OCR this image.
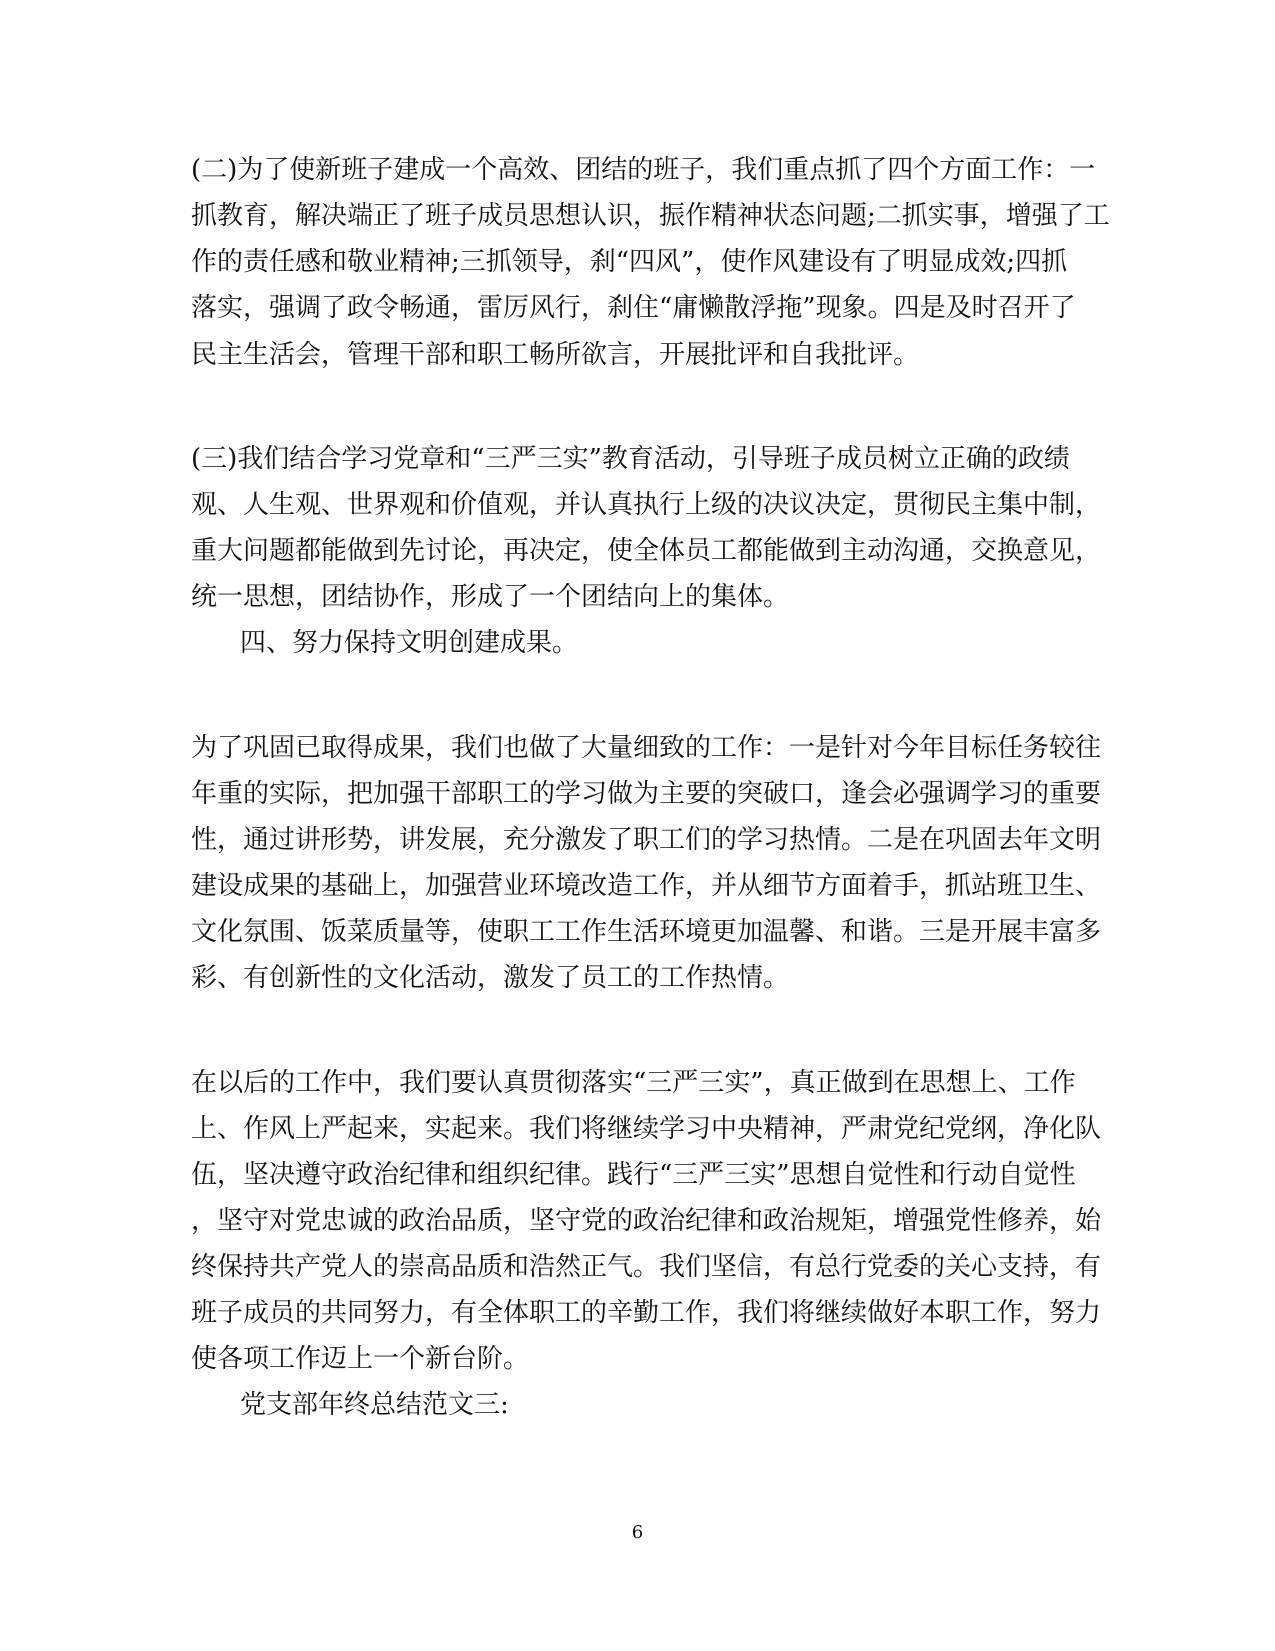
(二)为了使新班子建成一个高效、团结的班子，我们重点抓了四个方面工作：一
抓教育，解决端正了班子成员思想认识，振作精神状态问题;二抓实事，增强了工
作的责任感和敬业精神;三抓领导，刹“四风”，使作风建设有了明显成效;四抓
落实，强调了政令畅通，雷厉风行，刹住“庸懒散浮拖”现象。四是及时召开了
民主生活会，管理干部和职工畅所欲言，开展批评和自我批评。
(三)我们结合学习党章和“三严三实”教育活动，引导班子成员树立正确的政绩
观、人生观、世界观和价值观，并认真执行上级的决议决定，贯彻民主集中制，
重大问题都能做到先讨论，再决定，使全体员工都能做到主动沟通，交换意见，
统一思想，团结协作，形成了一个团结向上的集体。
四、努力保持文明创建成果。
为了巩固已取得成果，我们也做了大量细致的工作：一是针对今年目标任务较往
年重的实际，把加强干部职工的学习做为主要的突破口，逢会必强调学习的重要
性，通过讲形势，讲发展，充分激发了职工们的学习热情。二是在巩固去年文明
建设成果的基础上，加强营业环境改造工作，并从细节方面着手，抓站班卫生、
文化氛围、饭菜质量等，使职工工作生活环境更加温馨、和谐。三是开展丰富多
彩、有创新性的文化活动，激发了员工的工作热情。
在以后的工作中，我们要认真贯彻落实“三严三实”，真正做到在思想上、工作
上、作风上严起来，实起来。我们将继续学习中央精神，严肃党纪党纲，净化队
伍，坚决遵守政治纪律和组织纪律。践行“三严三实”思想自觉性和行动自觉性
，坚守对党忠诚的政治品质，坚守党的政治纪律和政治规矩，增强党性修养，始
终保持共产党人的崇高品质和浩然正气。我们坚信，有总行党委的关心支持，有
班子成员的共同努力，有全体职工的辛勤工作，我们将继续做好本职工作，努力
使各项工作迈上一个新台阶。
党支部年终总结范文三:
6
